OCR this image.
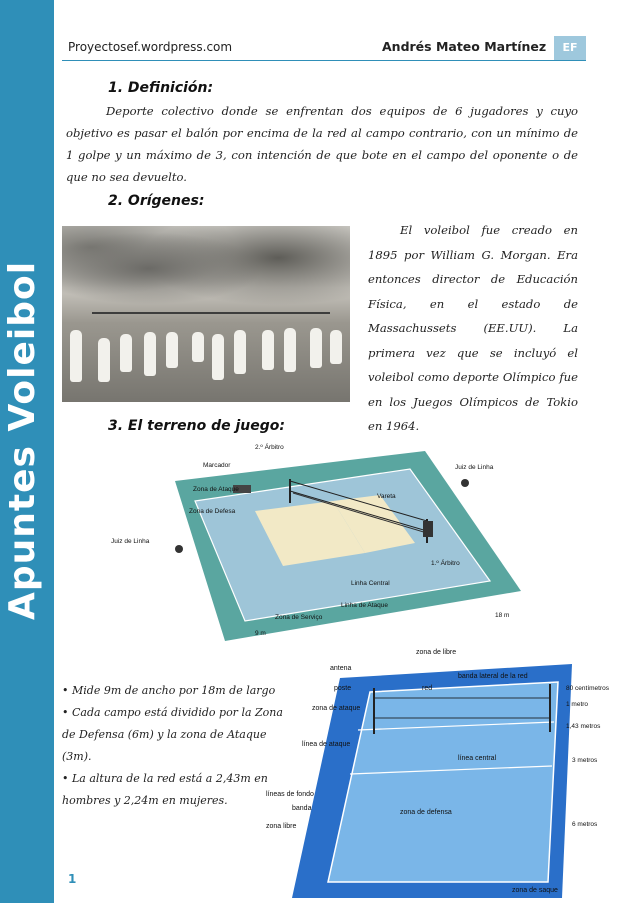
Apuntes Voleibol
Proyectosef.wordpress.com	Andrés Mateo Martínez	EF
1. Definición:
Deporte colectivo donde se enfrentan dos equipos de 6 jugadores y cuyo objetivo es pasar el balón por encima de la red al campo contrario, con un mínimo de 1 golpe y un máximo de 3, con intención de que bote en el campo del oponente o de que no sea devuelto.
2. Orígenes:
El voleibol fue creado en 1895 por William G. Morgan. Era entonces director de Educación Física, en el estado de Massachussets (EE.UU). La primera vez que se incluyó el voleibol como deporte Olímpico fue en los Juegos Olímpicos de Tokio en 1964.
3. El terreno de juego:
2.º Árbitro
Marcador	Juiz de Linha
Zona de Ataque
Zona de Defesa
Vareta
Juiz de Linha
1.º Árbitro
Zona de Serviço
Linha Central
Linha de Ataque
9 m
18 m
• Mide 9m de ancho por 18m de largo
• Cada campo está dividido por la Zona de Defensa (6m) y la zona de Ataque (3m).
• La altura de la red está a 2,43m en hombres y 2,24m en mujeres.
zona de libre
antena
poste	red
banda lateral de la red
zona de ataque
línea de ataque
línea central
líneas de fondo
banda
zona de defensa
zona libre
zona de saque
80 centímetros
1 metro
1,43 metros
3 metros
6 metros
1
